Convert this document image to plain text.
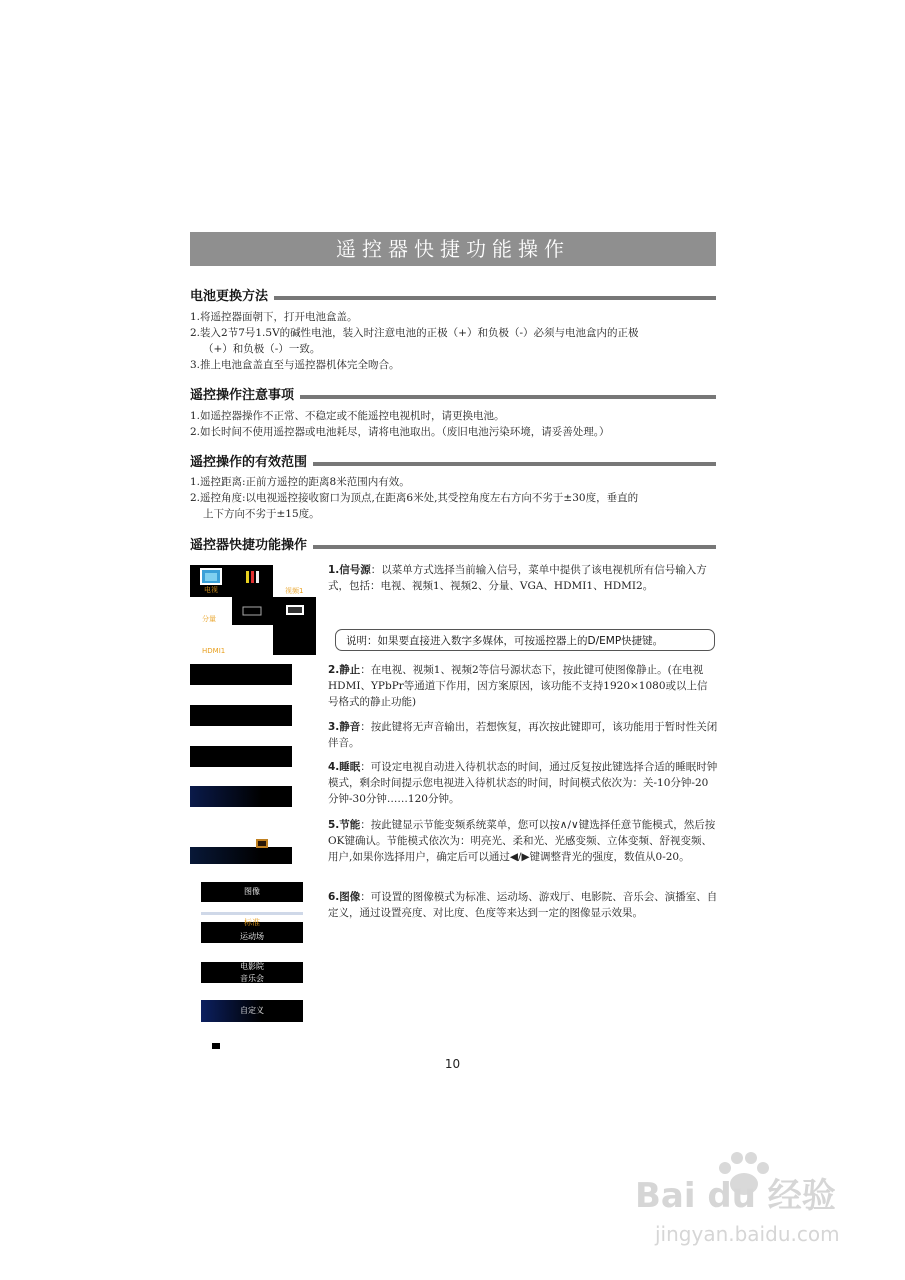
遥控器快捷功能操作
电池更换方法
1.将遥控器面朝下，打开电池盒盖。
2.装入2节7号1.5V的碱性电池，装入时注意电池的正极（+）和负极（-）必须与电池盒内的正极
（+）和负极（-）一致。
3.推上电池盒盖直至与遥控器机体完全吻合。
遥控操作注意事项
1.如遥控器操作不正常、不稳定或不能遥控电视机时，请更换电池。
2.如长时间不使用遥控器或电池耗尽，请将电池取出。（废旧电池污染环境，请妥善处理。）
遥控操作的有效范围
1.遥控距离:正前方遥控的距离8米范围内有效。
2.遥控角度:以电视遥控接收窗口为顶点,在距离6米处,其受控角度左右方向不劣于±30度，垂直的
上下方向不劣于±15度。
遥控器快捷功能操作
电视	视频1
分量
HDMI1
图像
标准
运动场
电影院
音乐会
自定义
1.信号源：以菜单方式选择当前输入信号，菜单中提供了该电视机所有信号输入方式，包括：电视、视频1、视频2、分量、VGA、HDMI1、HDMI2。
说明：如果要直接进入数字多媒体，可按遥控器上的D/EMP快捷键。
2.静止：在电视、视频1、视频2等信号源状态下，按此键可使图像静止。(在电视HDMI、YPbPr等通道下作用，因方案原因，该功能不支持1920×1080或以上信号格式的静止功能)
3.静音：按此键将无声音输出，若想恢复，再次按此键即可，该功能用于暂时性关闭伴音。
4.睡眠：可设定电视自动进入待机状态的时间，通过反复按此键选择合适的睡眠时钟模式，剩余时间提示您电视进入待机状态的时间，时间模式依次为：关-10分钟-20分钟-30分钟……120分钟。
5.节能：按此键显示节能变频系统菜单，您可以按∧/∨键选择任意节能模式，然后按OK键确认。节能模式依次为：明亮光、柔和光、光感变频、立体变频、舒视变频、用户,如果你选择用户，确定后可以通过◀/▶键调整背光的强度，数值从0-20。
6.图像：可设置的图像模式为标准、运动场、游戏厅、电影院、音乐会、演播室、自定义，通过设置亮度、对比度、色度等来达到一定的图像显示效果。
10
Bai du 经验
jingyan.baidu.com
